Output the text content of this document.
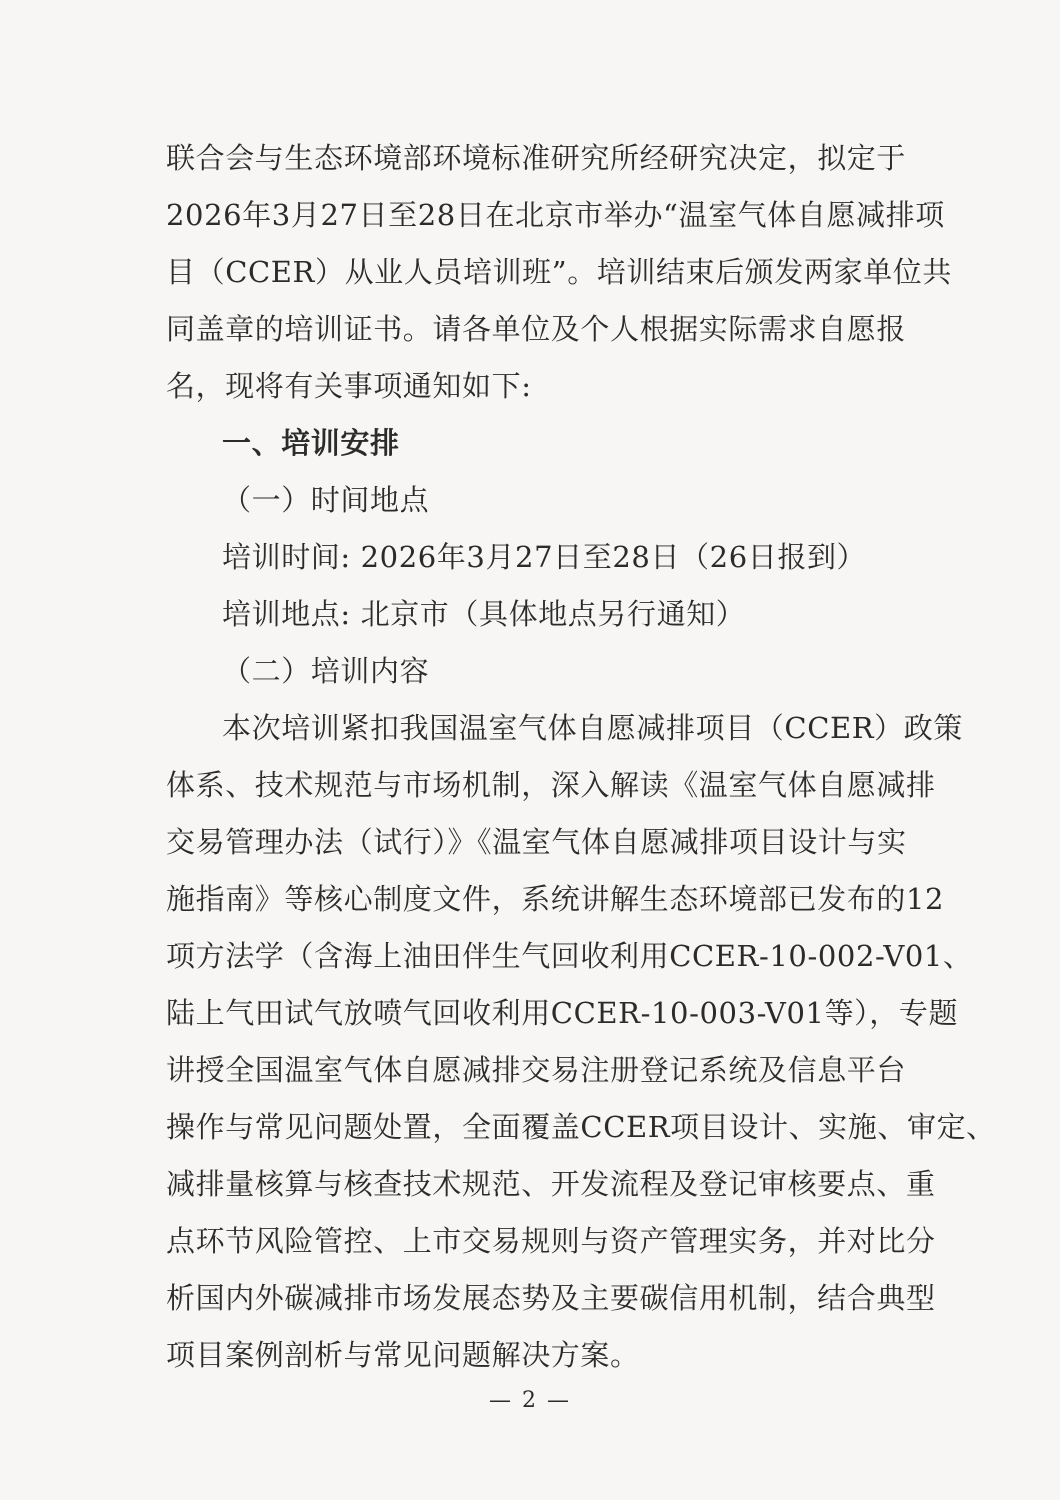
联合会与生态环境部环境标准研究所经研究决定，拟定于
2026年3月27日至28日在北京市举办“温室气体自愿减排项
目（CCER）从业人员培训班”。培训结束后颁发两家单位共
同盖章的培训证书。请各单位及个人根据实际需求自愿报
名，现将有关事项通知如下:
一、培训安排
（一）时间地点
培训时间: 2026年3月27日至28日（26日报到）
培训地点: 北京市（具体地点另行通知）
（二）培训内容
本次培训紧扣我国温室气体自愿减排项目（CCER）政策
体系、技术规范与市场机制，深入解读《温室气体自愿减排
交易管理办法（试行）》《温室气体自愿减排项目设计与实
施指南》等核心制度文件，系统讲解生态环境部已发布的12
项方法学（含海上油田伴生气回收利用CCER-10-002-V01、
陆上气田试气放喷气回收利用CCER-10-003-V01等），专题
讲授全国温室气体自愿减排交易注册登记系统及信息平台
操作与常见问题处置，全面覆盖CCER项目设计、实施、审定、
减排量核算与核查技术规范、开发流程及登记审核要点、重
点环节风险管控、上市交易规则与资产管理实务，并对比分
析国内外碳减排市场发展态势及主要碳信用机制，结合典型
项目案例剖析与常见问题解决方案。
— 2 —
